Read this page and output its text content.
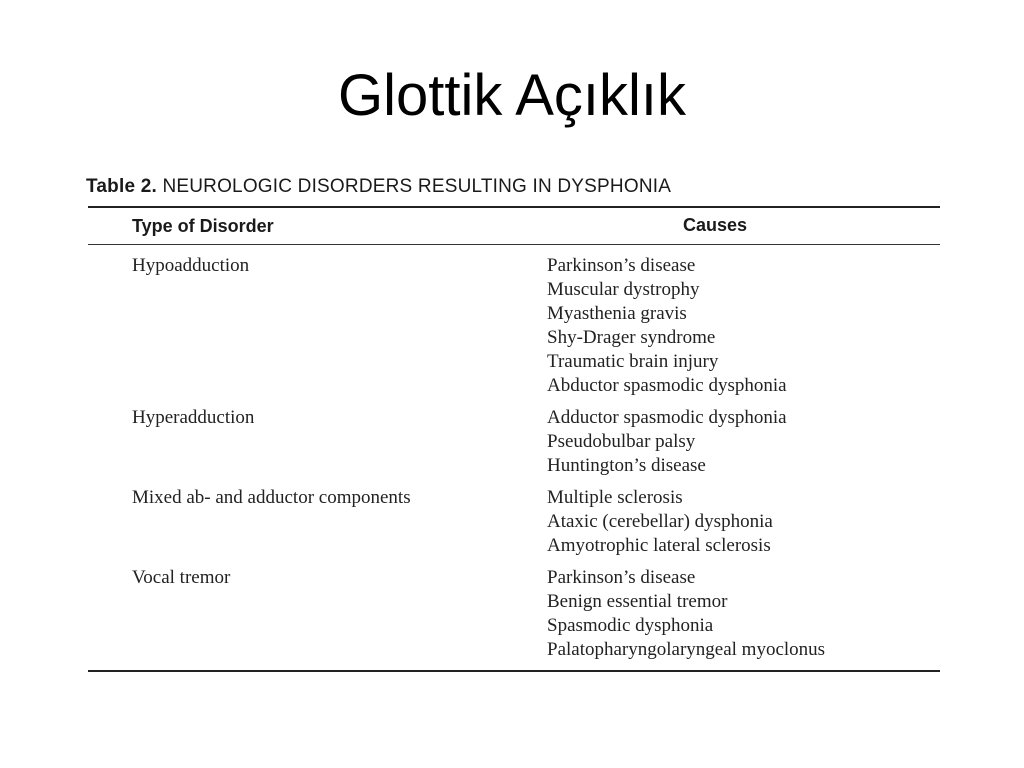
Glottik Açıklık
Table 2. NEUROLOGIC DISORDERS RESULTING IN DYSPHONIA
Type of Disorder	Causes
Hypoadduction	Parkinson’s disease
Muscular dystrophy
Myasthenia gravis
Shy-Drager syndrome
Traumatic brain injury
Abductor spasmodic dysphonia
Hyperadduction	Adductor spasmodic dysphonia
Pseudobulbar palsy
Huntington’s disease
Mixed ab- and adductor components	Multiple sclerosis
Ataxic (cerebellar) dysphonia
Amyotrophic lateral sclerosis
Vocal tremor	Parkinson’s disease
Benign essential tremor
Spasmodic dysphonia
Palatopharyngolaryngeal myoclonus
